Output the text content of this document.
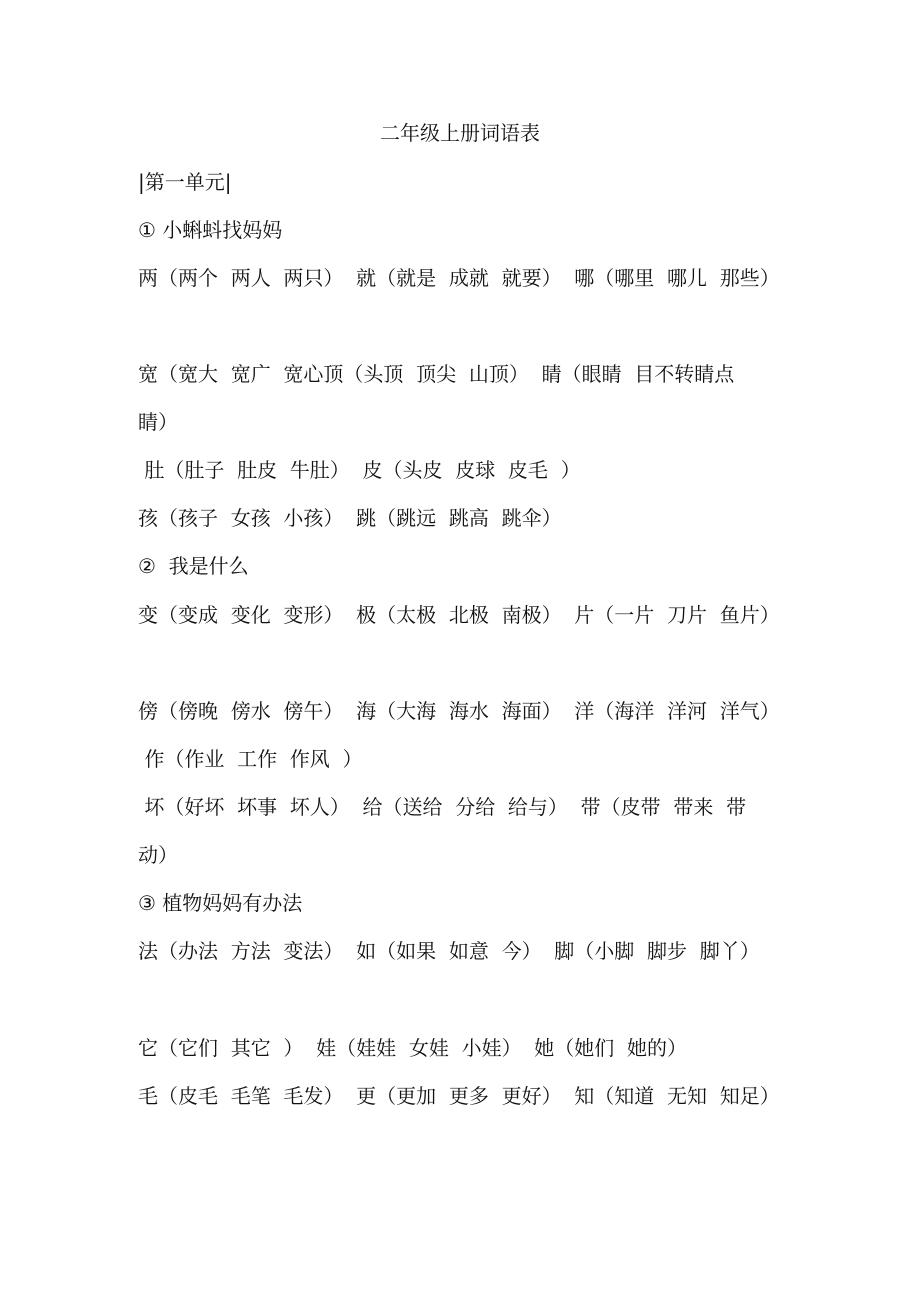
二年级上册词语表
|第一单元|
① 小蝌蚪找妈妈
两（两个  两人  两只）  就（就是  成就  就要）  哪（哪里  哪儿  那些）
宽（宽大  宽广  宽心顶（头顶  顶尖  山顶）  睛（眼睛  目不转睛点
睛）
肚（肚子  肚皮  牛肚）  皮（头皮  皮球  皮毛  ）
孩（孩子  女孩  小孩）  跳（跳远  跳高  跳伞）
②  我是什么
变（变成  变化  变形）  极（太极  北极  南极）  片（一片  刀片  鱼片）
傍（傍晚  傍水  傍午）  海（大海  海水  海面）  洋（海洋  洋河  洋气）
作（作业  工作  作风  ）
坏（好坏  坏事  坏人）  给（送给  分给  给与）  带（皮带  带来  带
动）
③ 植物妈妈有办法
法（办法  方法  变法）  如（如果  如意  今）  脚（小脚  脚步  脚丫）
它（它们  其它  ）  娃（娃娃  女娃  小娃）  她（她们  她的）
毛（皮毛  毛笔  毛发）  更（更加  更多  更好）  知（知道  无知  知足）
